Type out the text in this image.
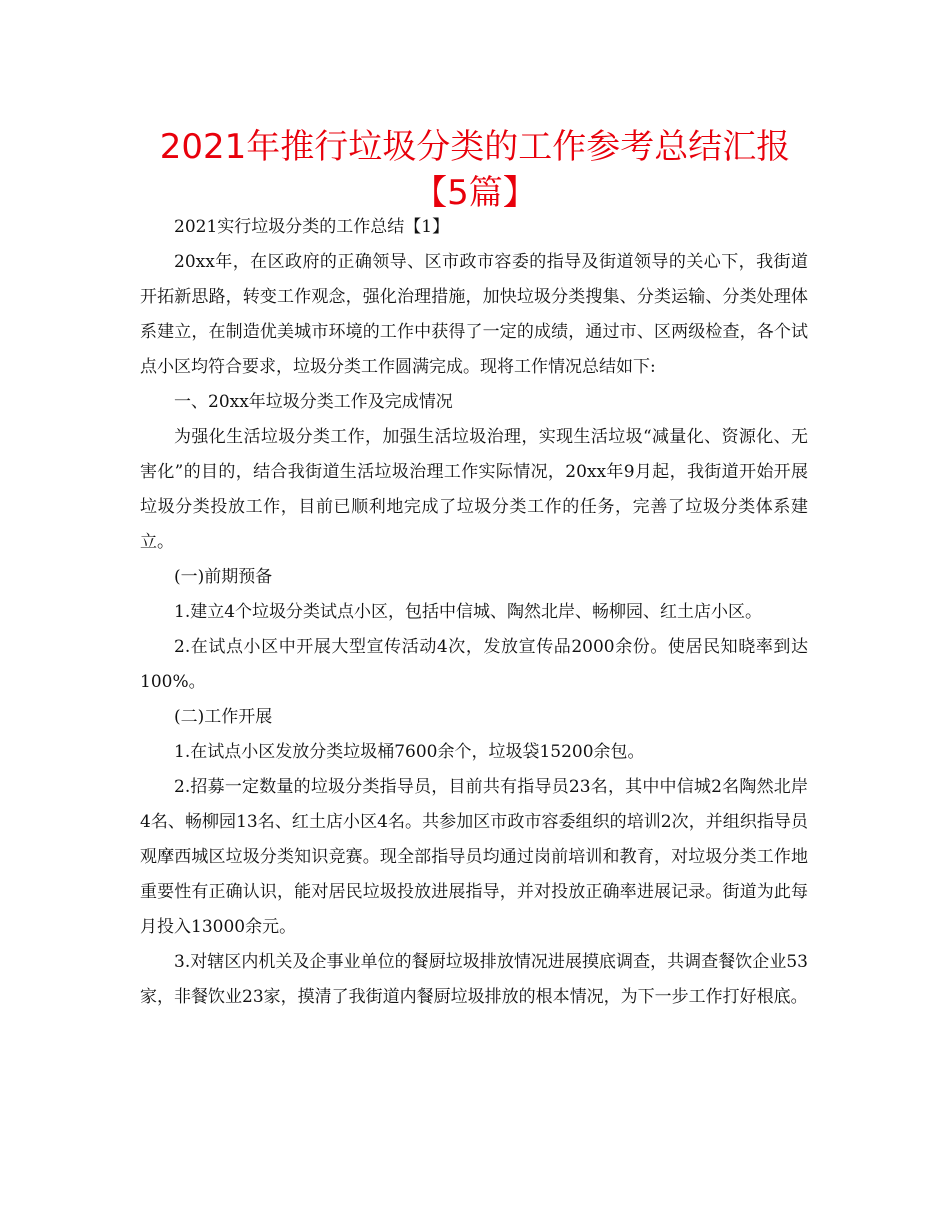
2021年推行垃圾分类的工作参考总结汇报【5篇】

2021实行垃圾分类的工作总结【1】

20xx年，在区政府的正确领导、区市政市容委的指导及街道领导的关心下，我街道开拓新思路，转变工作观念，强化治理措施，加快垃圾分类搜集、分类运输、分类处理体系建立，在制造优美城市环境的工作中获得了一定的成绩，通过市、区两级检查，各个试点小区均符合要求，垃圾分类工作圆满完成。现将工作情况总结如下:

一、20xx年垃圾分类工作及完成情况

为强化生活垃圾分类工作，加强生活垃圾治理，实现生活垃圾“减量化、资源化、无害化”的目的，结合我街道生活垃圾治理工作实际情况，20xx年9月起，我街道开始开展垃圾分类投放工作，目前已顺利地完成了垃圾分类工作的任务，完善了垃圾分类体系建立。

(一)前期预备

1.建立4个垃圾分类试点小区，包括中信城、陶然北岸、畅柳园、红土店小区。

2.在试点小区中开展大型宣传活动4次，发放宣传品2000余份。使居民知晓率到达100%。

(二)工作开展

1.在试点小区发放分类垃圾桶7600余个，垃圾袋15200余包。

2.招募一定数量的垃圾分类指导员，目前共有指导员23名，其中中信城2名陶然北岸4名、畅柳园13名、红土店小区4名。共参加区市政市容委组织的培训2次，并组织指导员观摩西城区垃圾分类知识竞赛。现全部指导员均通过岗前培训和教育，对垃圾分类工作地重要性有正确认识，能对居民垃圾投放进展指导，并对投放正确率进展记录。街道为此每月投入13000余元。

3.对辖区内机关及企事业单位的餐厨垃圾排放情况进展摸底调查，共调查餐饮企业53家，非餐饮业23家，摸清了我街道内餐厨垃圾排放的根本情况，为下一步工作打好根底。
